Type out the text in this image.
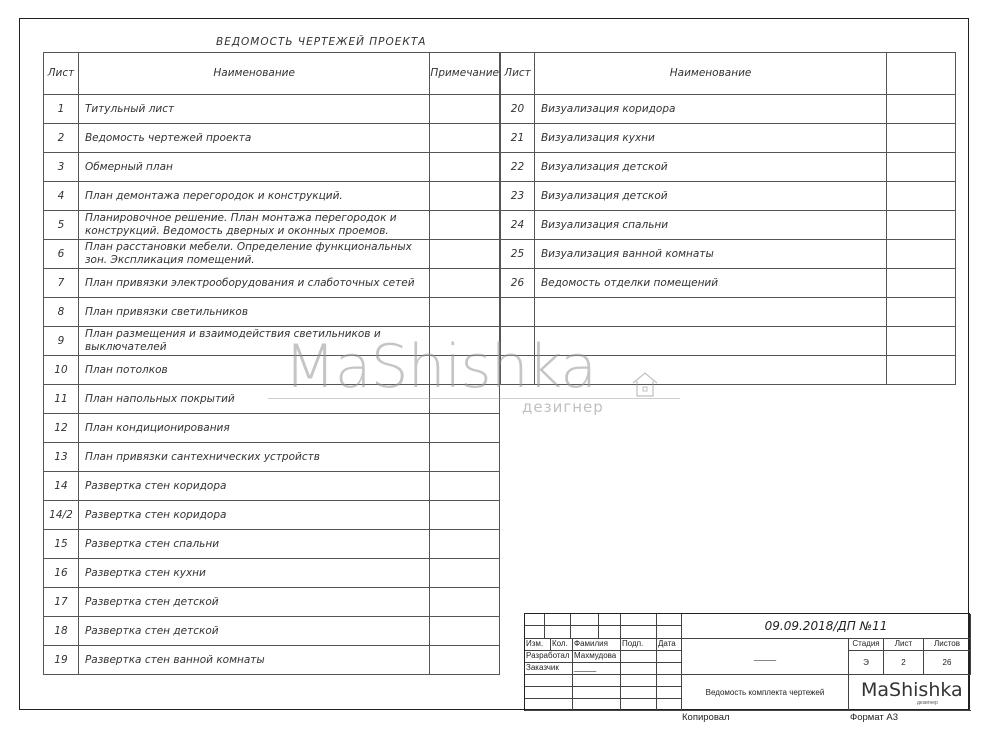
ВЕДОМОСТЬ ЧЕРТЕЖЕЙ ПРОЕКТА
Лист	Наименование	Примечание
1	Титульный лист	
2	Ведомость чертежей проекта	
3	Обмерный план	
4	План демонтажа перегородок и конструкций.	
5	Планировочное решение. План монтажа перегородок и конструкций. Ведомость дверных и оконных проемов.	
6	План расстановки мебели. Определение функциональных зон. Экспликация помещений.	
7	План привязки электрооборудования и слаботочных сетей	
8	План привязки светильников	
9	План размещения и взаимодействия светильников и выключателей	
10	План потолков	
11	План напольных покрытий	
12	План кондиционирования	
13	План привязки сантехнических устройств	
14	Развертка стен коридора	
14/2	Развертка стен коридора	
15	Развертка стен спальни	
16	Развертка стен кухни	
17	Развертка стен детской	
18	Развертка стен детской	
19	Развертка стен ванной комнаты	
Лист	Наименование	
20	Визуализация коридора	
21	Визуализация кухни	
22	Визуализация детской	
23	Визуализация детской	
24	Визуализация спальни	
25	Визуализация ванной комнаты	
26	Ведомость отделки помещений	

MaShishka
дезигнер
Изм.	Кол. Фамилия	Подп.	Дата
Разработал Махмудова
Заказчик	_____
09.09.2018/ДП №11
_____
Стадия	Лист	Листов
Э	2	26
Ведомость комплекта чертежей	MaShishka
дезигнер
Копировал	Формат А3
